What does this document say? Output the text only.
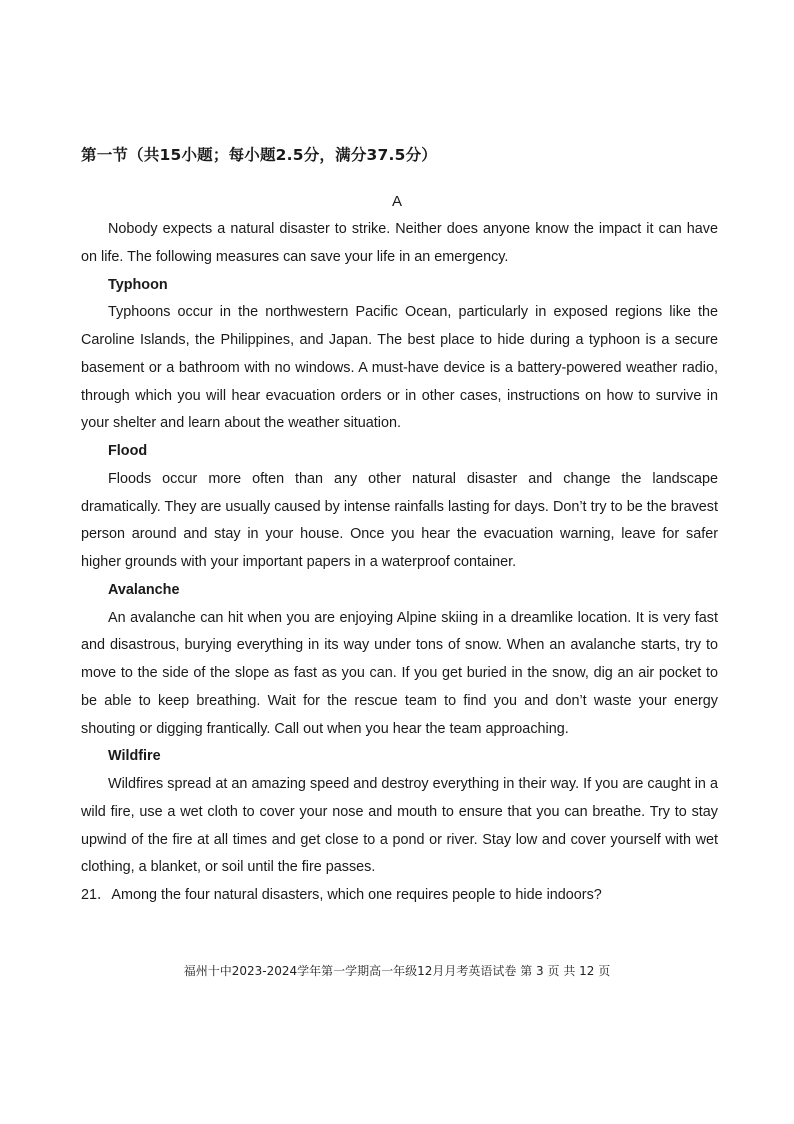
第一节（共15小题；每小题2.5分，满分37.5分）
A

Nobody expects a natural disaster to strike. Neither does anyone know the impact it can have on life. The following measures can save your life in an emergency.

Typhoon

Typhoons occur in the northwestern Pacific Ocean, particularly in exposed regions like the Caroline Islands, the Philippines, and Japan. The best place to hide during a typhoon is a secure basement or a bathroom with no windows. A must-have device is a battery-powered weather radio, through which you will hear evacuation orders or in other cases, instructions on how to survive in your shelter and learn about the weather situation.

Flood

Floods occur more often than any other natural disaster and change the landscape dramatically. They are usually caused by intense rainfalls lasting for days. Don’t try to be the bravest person around and stay in your house. Once you hear the evacuation warning, leave for safer higher grounds with your important papers in a waterproof container.

Avalanche

An avalanche can hit when you are enjoying Alpine skiing in a dreamlike location. It is very fast and disastrous, burying everything in its way under tons of snow. When an avalanche starts, try to move to the side of the slope as fast as you can. If you get buried in the snow, dig an air pocket to be able to keep breathing. Wait for the rescue team to find you and don’t waste your energy shouting or digging frantically. Call out when you hear the team approaching.

Wildfire

Wildfires spread at an amazing speed and destroy everything in their way. If you are caught in a wild fire, use a wet cloth to cover your nose and mouth to ensure that you can breathe. Try to stay upwind of the fire at all times and get close to a pond or river. Stay low and cover yourself with wet clothing, a blanket, or soil until the fire passes.

21．Among the four natural disasters, which one requires people to hide indoors?

福州十中2023-2024学年第一学期高一年级12月月考英语试卷 第 3 页 共 12 页
